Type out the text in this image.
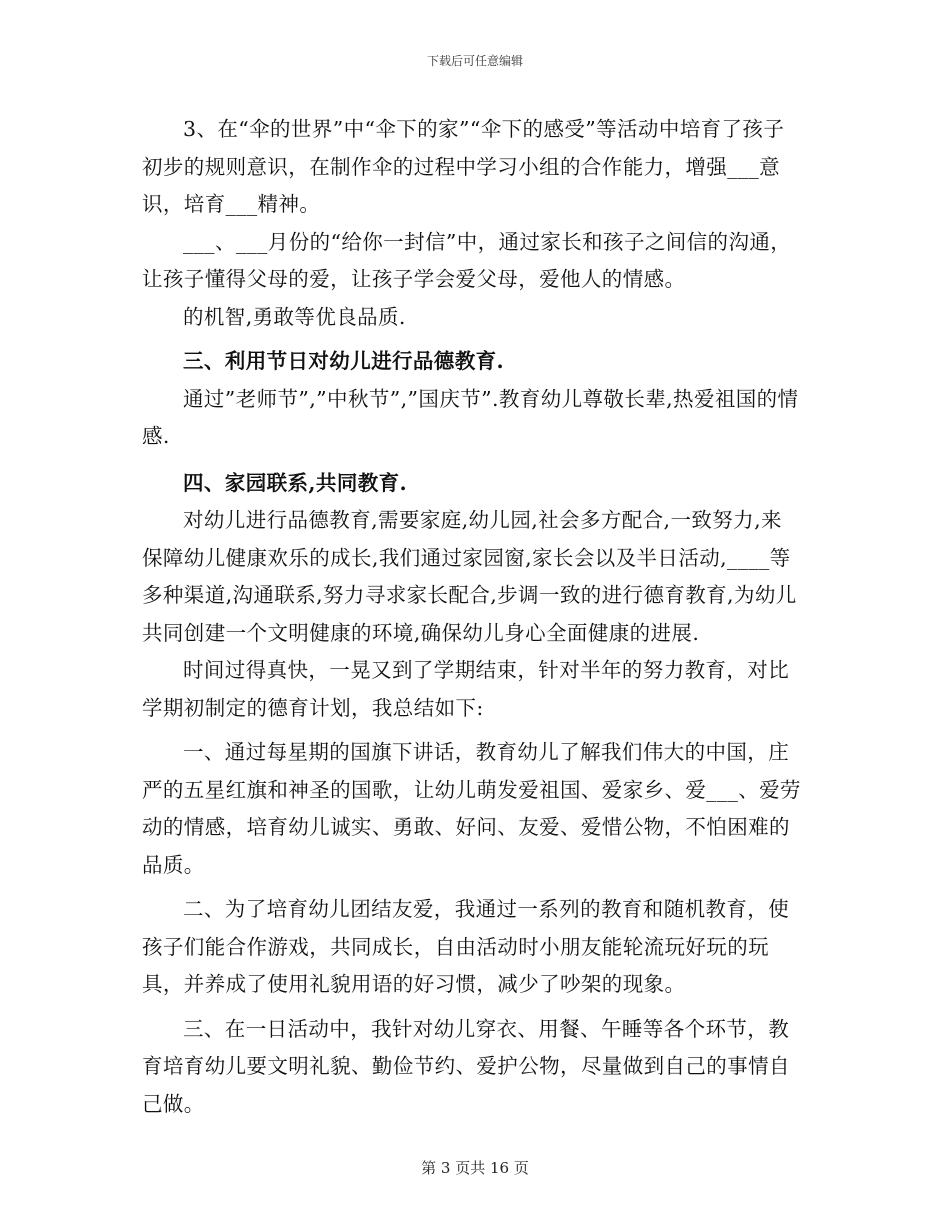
下载后可任意编辑

3、在“伞的世界”中“伞下的家”“伞下的感受”等活动中培育了孩子初步的规则意识，在制作伞的过程中学习小组的合作能力，增强___意识，培育___精神。

___、___月份的“给你一封信”中，通过家长和孩子之间信的沟通，让孩子懂得父母的爱，让孩子学会爱父母，爱他人的情感。

的机智,勇敢等优良品质.

三、利用节日对幼儿进行品德教育.

通过”老师节”,”中秋节”,”国庆节”.教育幼儿尊敬长辈,热爱祖国的情感.

四、家园联系,共同教育.

对幼儿进行品德教育,需要家庭,幼儿园,社会多方配合,一致努力,来保障幼儿健康欢乐的成长,我们通过家园窗,家长会以及半日活动,____等多种渠道,沟通联系,努力寻求家长配合,步调一致的进行德育教育,为幼儿共同创建一个文明健康的环境,确保幼儿身心全面健康的进展.

时间过得真快，一晃又到了学期结束，针对半年的努力教育，对比学期初制定的德育计划，我总结如下:

一、通过每星期的国旗下讲话，教育幼儿了解我们伟大的中国，庄严的五星红旗和神圣的国歌，让幼儿萌发爱祖国、爱家乡、爱___、爱劳动的情感，培育幼儿诚实、勇敢、好问、友爱、爱惜公物，不怕困难的品质。

二、为了培育幼儿团结友爱，我通过一系列的教育和随机教育，使孩子们能合作游戏，共同成长，自由活动时小朋友能轮流玩好玩的玩具，并养成了使用礼貌用语的好习惯，减少了吵架的现象。

三、在一日活动中，我针对幼儿穿衣、用餐、午睡等各个环节，教育培育幼儿要文明礼貌、勤俭节约、爱护公物，尽量做到自己的事情自己做。

第 3 页共 16 页
